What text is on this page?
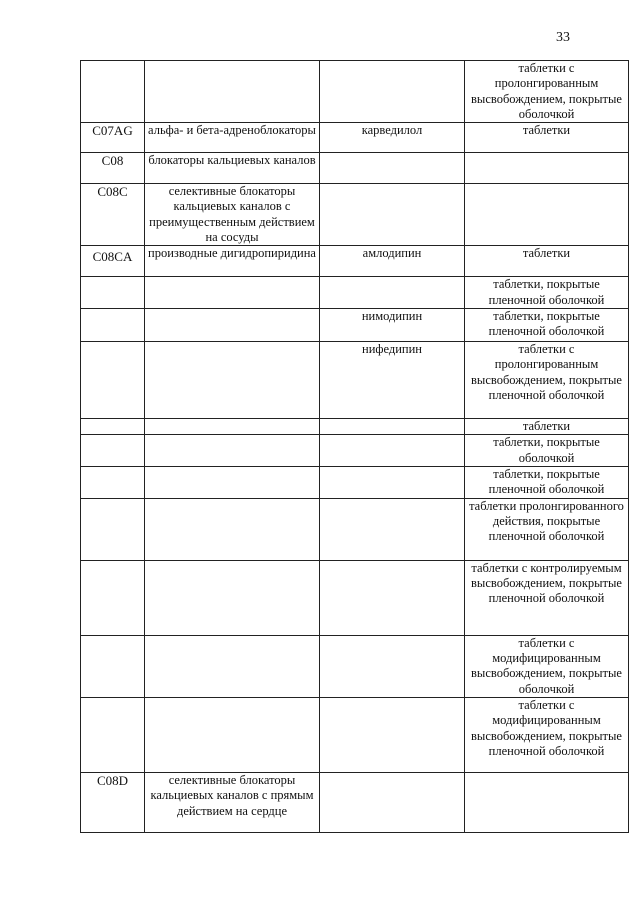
33
			таблетки с пролонгированным высвобождением, покрытые оболочкой
C07AG	альфа- и бета-адреноблокаторы	карведилол	таблетки
C08	блокаторы кальциевых каналов		
C08C	селективные блокаторы кальциевых каналов с преимущественным действием на сосуды		
C08CA	производные дигидропиридина	амлодипин	таблетки
			таблетки, покрытые пленочной оболочкой
		нимодипин	таблетки, покрытые пленочной оболочкой
		нифедипин	таблетки с пролонгированным высвобождением, покрытые пленочной оболочкой
			таблетки
			таблетки, покрытые оболочкой
			таблетки, покрытые пленочной оболочкой
			таблетки пролонгированного действия, покрытые пленочной оболочкой
			таблетки с контролируемым высвобождением, покрытые пленочной оболочкой
			таблетки с модифицированным высвобождением, покрытые оболочкой
			таблетки с модифицированным высвобождением, покрытые пленочной оболочкой
C08D	селективные блокаторы кальциевых каналов с прямым действием на сердце		
